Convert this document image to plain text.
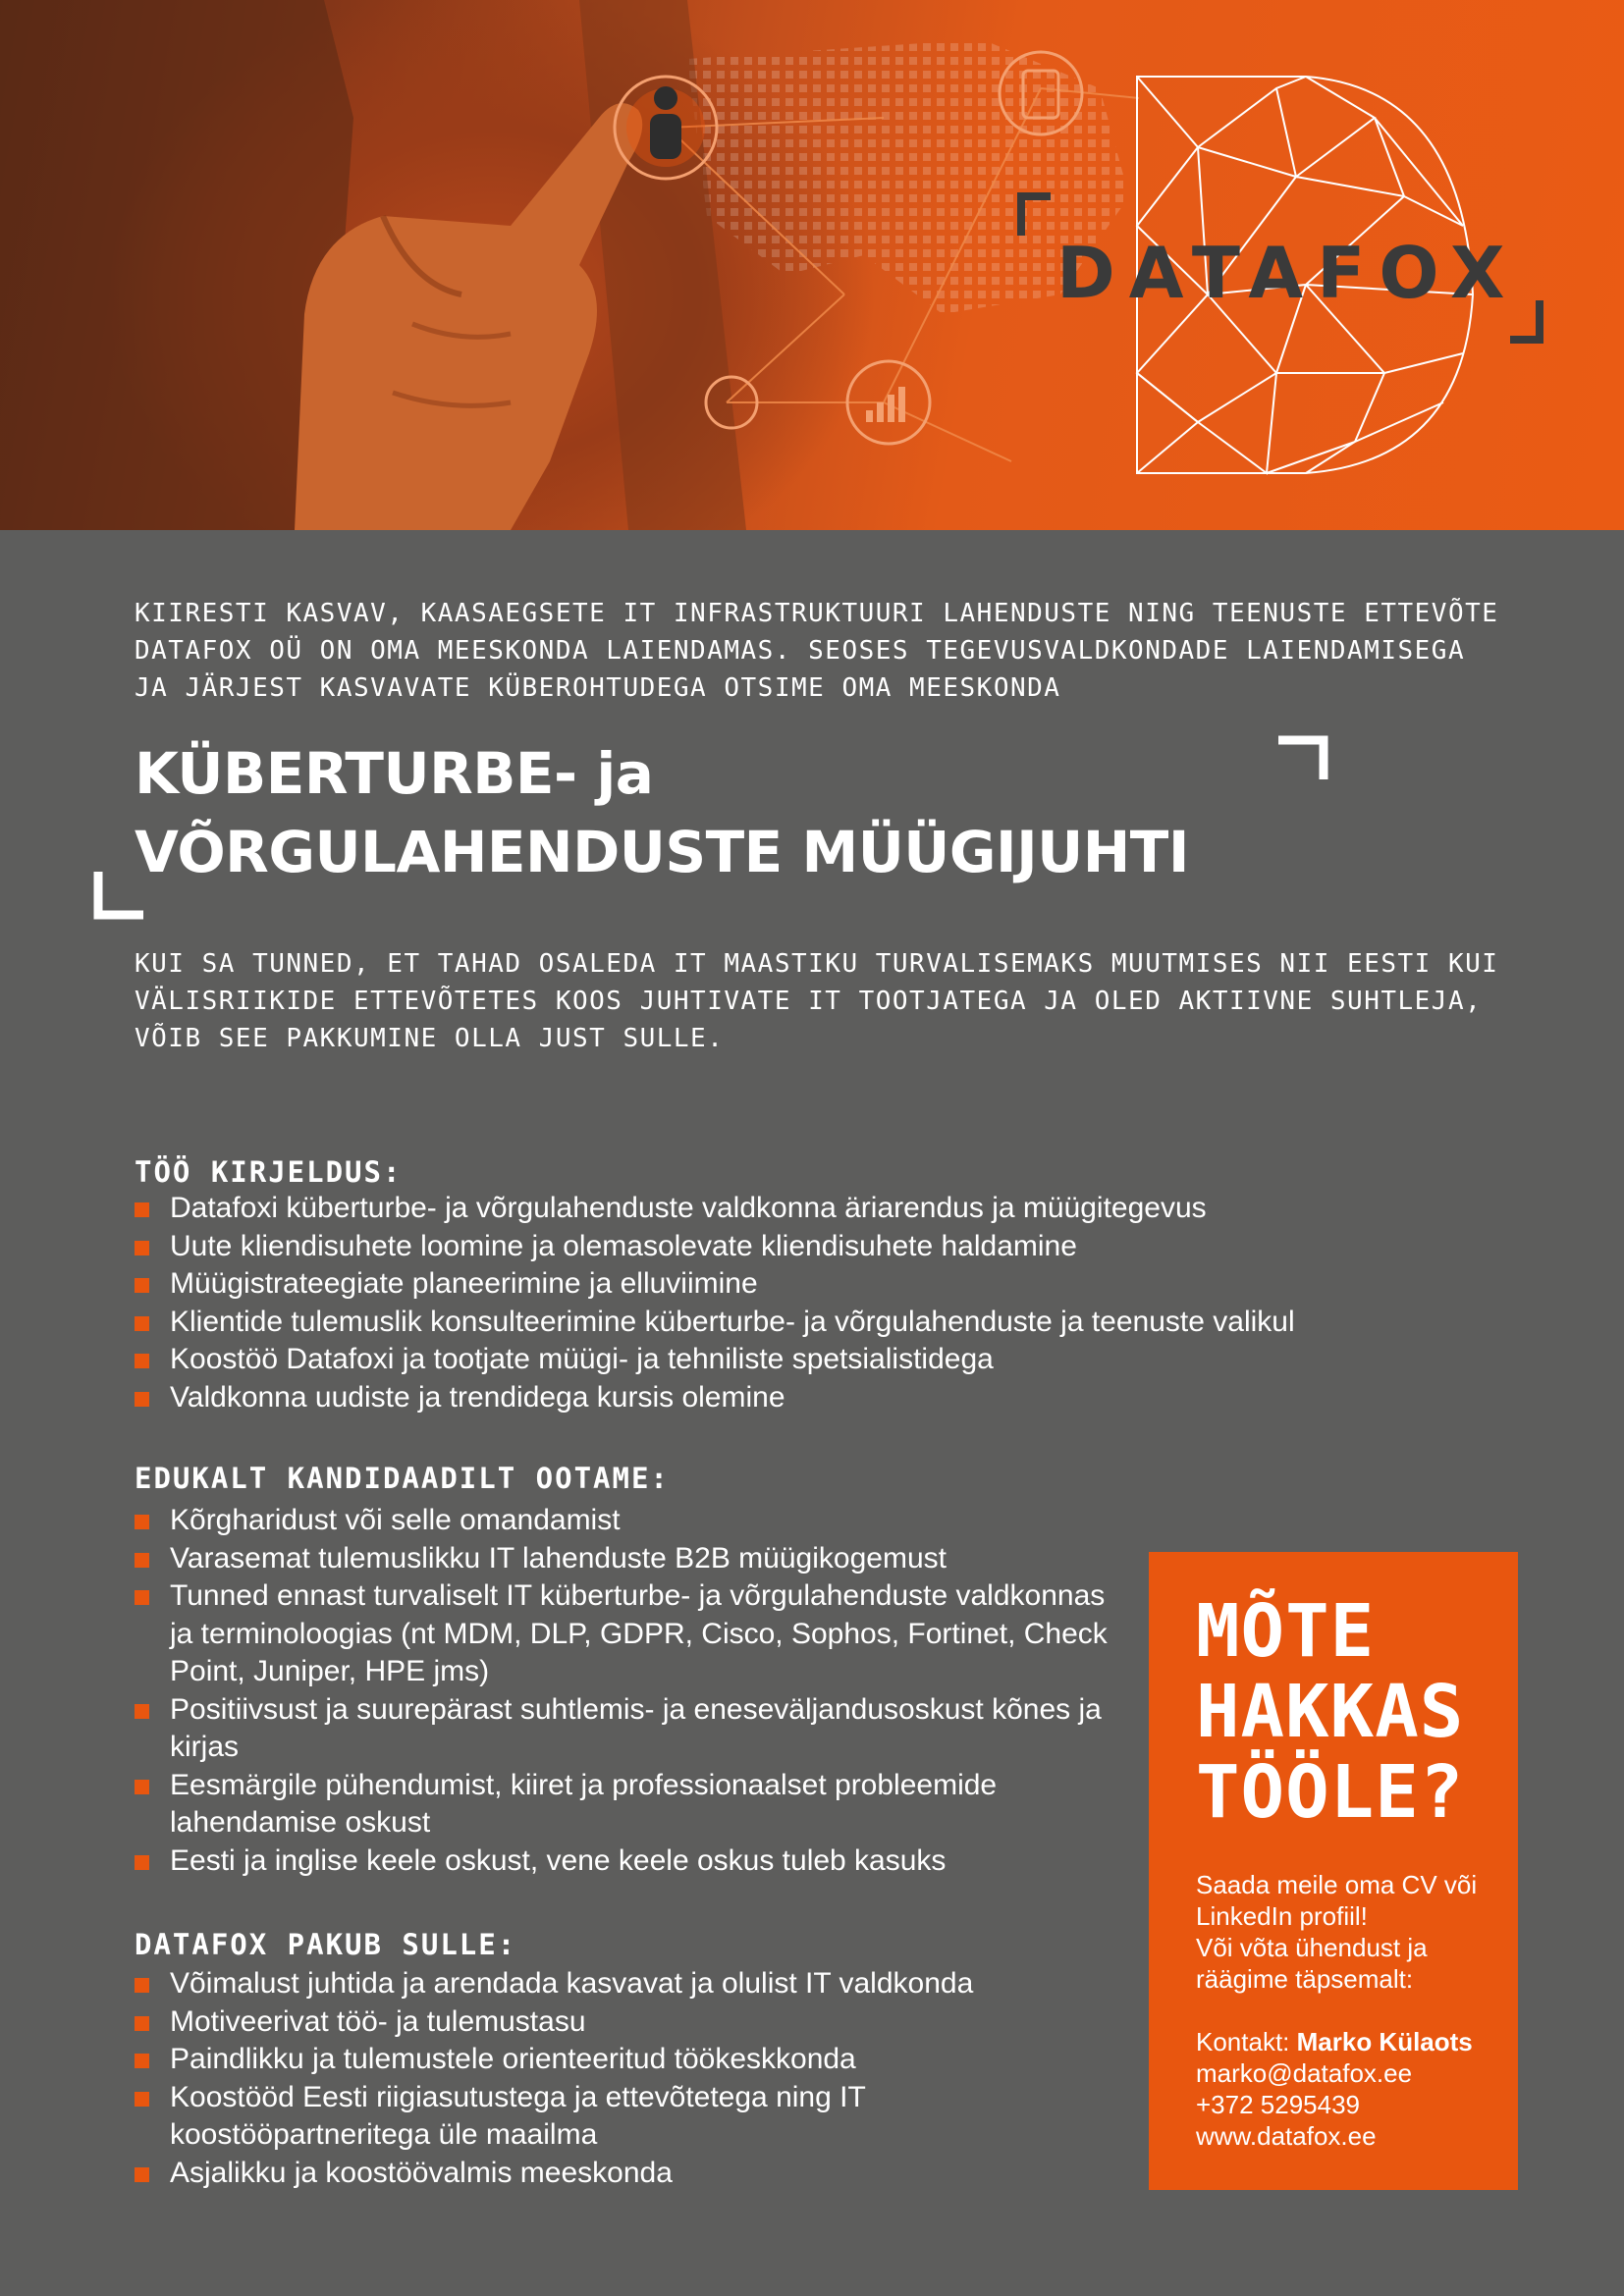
DATAFOX

KIIRESTI KASVAV, KAASAEGSETE IT INFRASTRUKTUURI LAHENDUSTE NING TEENUSTE ETTEVÕTE DATAFOX OÜ ON OMA MEESKONDA LAIENDAMAS. SEOSES TEGEVUSVALDKONDADE LAIENDAMISEGA JA JÄRJEST KASVAVATE KÜBEROHTUDEGA OTSIME OMA MEESKONDA

KÜBERTURBE- ja
VÕRGULAHENDUSTE MÜÜGIJUHTI

KUI SA TUNNED, ET TAHAD OSALEDA IT MAASTIKU TURVALISEMAKS MUUTMISES NII EESTI KUI VÄLISRIIKIDE ETTEVÕTETES KOOS JUHTIVATE IT TOOTJATEGA JA OLED AKTIIVNE SUHTLEJA, VÕIB SEE PAKKUMINE OLLA JUST SULLE.

TÖÖ KIRJELDUS:
Datafoxi küberturbe- ja võrgulahenduste valdkonna äriarendus ja müügitegevus
Uute kliendisuhete loomine ja olemasolevate kliendisuhete haldamine
Müügistrateegiate planeerimine ja elluviimine
Klientide tulemuslik konsulteerimine küberturbe- ja võrgulahenduste ja teenuste valikul
Koostöö Datafoxi ja tootjate müügi- ja tehniliste spetsialistidega
Valdkonna uudiste ja trendidega kursis olemine
EDUKALT KANDIDAADILT OOTAME:
Kõrgharidust või selle omandamist
Varasemat tulemuslikku IT lahenduste B2B müügikogemust
Tunned ennast turvaliselt IT küberturbe- ja võrgulahenduste valdkonnas ja terminoloogias (nt MDM, DLP, GDPR, Cisco, Sophos, Fortinet, Check Point, Juniper, HPE jms)
Positiivsust ja suurepärast suhtlemis- ja eneseväljandusoskust kõnes ja kirjas
Eesmärgile pühendumist, kiiret ja professionaalset probleemide lahendamise oskust
Eesti ja inglise keele oskust, vene keele oskus tuleb kasuks
DATAFOX PAKUB SULLE:
Võimalust juhtida ja arendada kasvavat ja olulist IT valdkonda
Motiveerivat töö- ja tulemustasu
Paindlikku ja tulemustele orienteeritud töökeskkonda
Koostööd Eesti riigiasutustega ja ettevõtetega ning IT koostööpartneritega üle maailma
Asjalikku ja koostöövalmis meeskonda
MÕTE
HAKKAS
TÖÖLE?

Saada meile oma CV või

LinkedIn profiil!

Või võta ühendust ja

räägime täpsemalt:

Kontakt: Marko Külaots

marko@datafox.ee

+372 5295439

www.datafox.ee
